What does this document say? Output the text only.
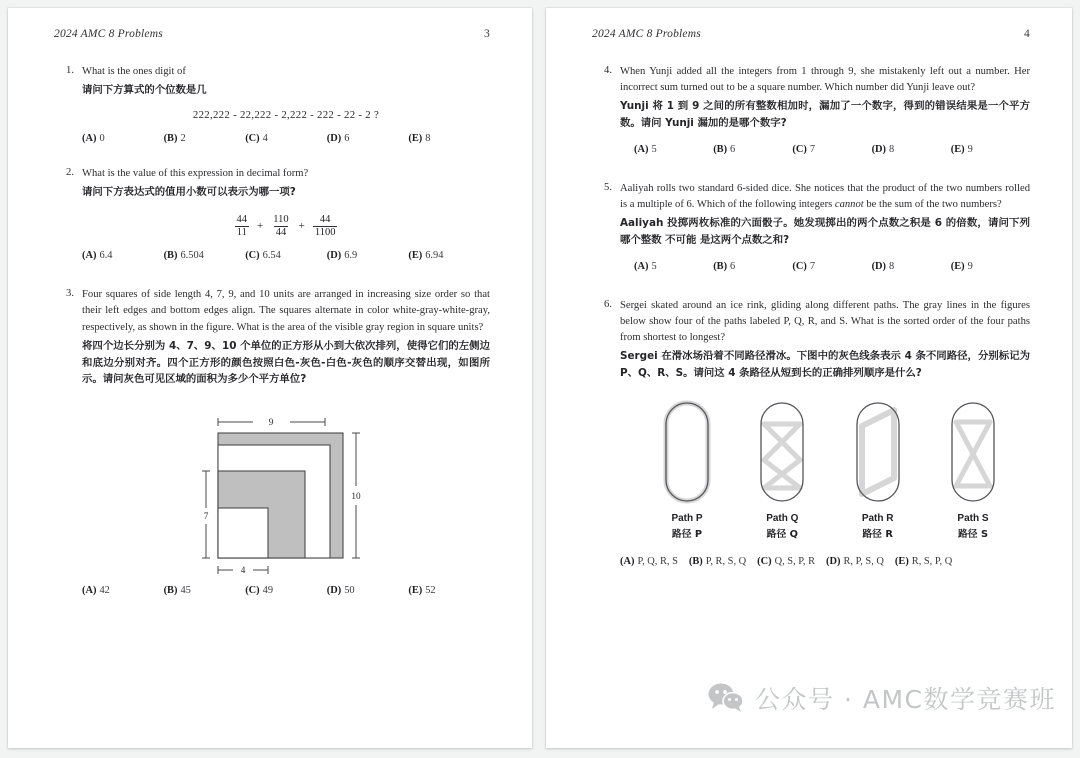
2024 AMC 8 Problems	3
1. What is the ones digit of

请问下方算式的个位数是几

222,222 - 22,222 - 2,222 - 222 - 22 - 2 ?
(A) 0	(B) 2	(C) 4	(D) 6	(E) 8
2. What is the value of this expression in decimal form?

请问下方表达式的值用小数可以表示为哪一项?

$\frac{44}{11} + \frac{110}{44} + \frac{44}{1100}$
(A) 6.4	(B) 6.504	(C) 6.54	(D) 6.9	(E) 6.94
3. Four squares of side length 4, 7, 9, and 10 units are arranged in increasing size order so that their left edges and bottom edges align. The squares alternate in color white-gray-white-gray, respectively, as shown in the figure. What is the area of the visible gray region in square units?

将四个边长分别为 4、7、9、10 个单位的正方形从小到大依次排列，使得它们的左侧边和底边分别对齐。四个正方形的颜色按照白色-灰色-白色-灰色的顺序交替出现，如图所示。请问灰色可见区域的面积为多少个平方单位?

9
10
7
4
(A) 42	(B) 45	(C) 49	(D) 50	(E) 52
2024 AMC 8 Problems	4
4. When Yunji added all the integers from 1 through 9, she mistakenly left out a number. Her incorrect sum turned out to be a square number. Which number did Yunji leave out?

Yunji 将 1 到 9 之间的所有整数相加时，漏加了一个数字，得到的错误结果是一个平方数。请问 Yunji 漏加的是哪个数字?

(A) 5	(B) 6	(C) 7	(D) 8	(E) 9
5. Aaliyah rolls two standard 6-sided dice. She notices that the product of the two numbers rolled is a multiple of 6. Which of the following integers cannot be the sum of the two numbers?

Aaliyah 投掷两枚标准的六面骰子。她发现掷出的两个点数之积是 6 的倍数，请问下列哪个整数 不可能 是这两个点数之和?

(A) 5	(B) 6	(C) 7	(D) 8	(E) 9
6. Sergei skated around an ice rink, gliding along different paths. The gray lines in the figures below show four of the paths labeled P, Q, R, and S. What is the sorted order of the four paths from shortest to longest?

Sergei 在滑冰场沿着不同路径滑冰。下图中的灰色线条表示 4 条不同路径，分别标记为 P、Q、R、S。请问这 4 条路径从短到长的正确排列顺序是什么?

Path P
路径 P
Path Q
路径 Q
Path R
路径 R
Path S
路径 S
(A) P, Q, R, S (B) P, R, S, Q (C) Q, S, P, R (D) R, P, S, Q (E) R, S, P, Q
公众号 · AMC数学竞赛班
